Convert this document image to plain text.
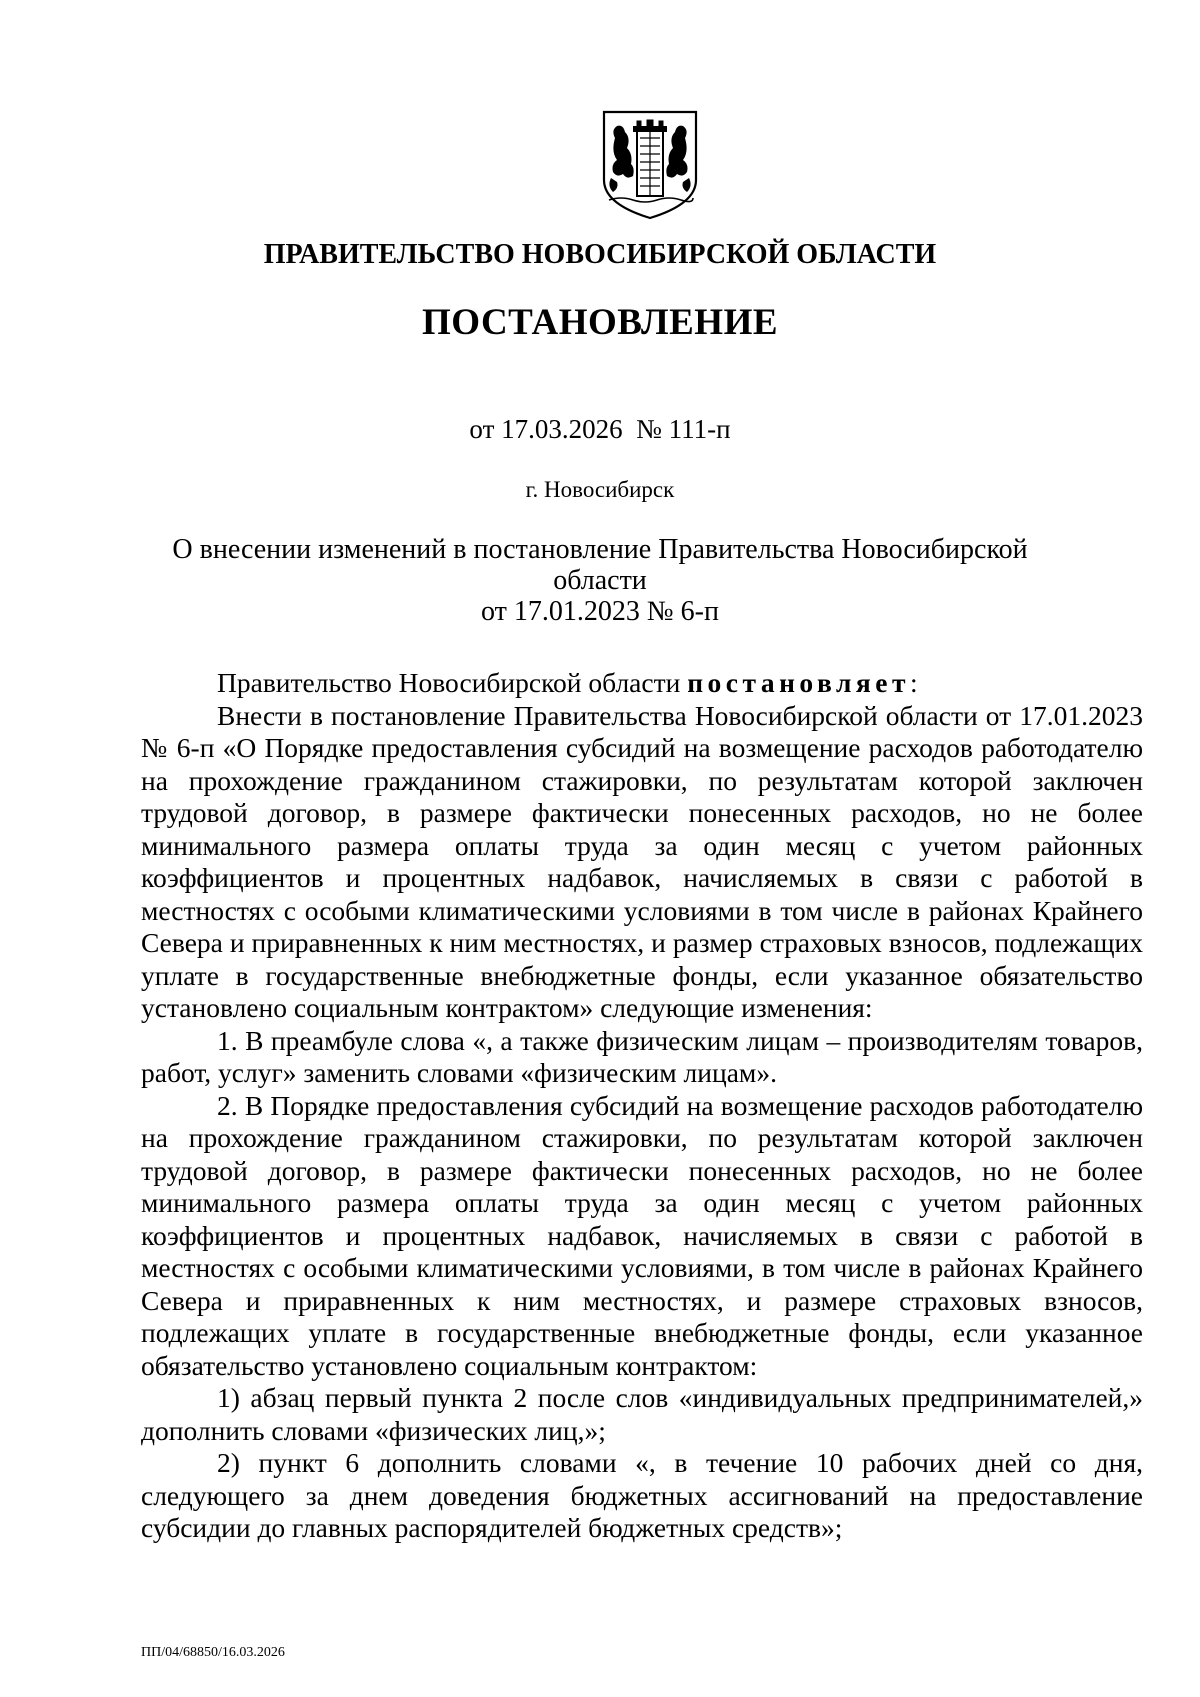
ПРАВИТЕЛЬСТВО НОВОСИБИРСКОЙ ОБЛАСТИ
ПОСТАНОВЛЕНИЕ
от 17.03.2026  № 111-п
г. Новосибирск
О внесении изменений в постановление Правительства Новосибирской области
от 17.01.2023 № 6-п

Правительство Новосибирской области постановляет:

Внести в постановление Правительства Новосибирской области от 17.01.2023 № 6-п «О Порядке предоставления субсидий на возмещение расходов работодателю на прохождение гражданином стажировки, по результатам которой заключен трудовой договор, в размере фактически понесенных расходов, но не более минимального размера оплаты труда за один месяц с учетом районных коэффициентов и процентных надбавок, начисляемых в связи с работой в местностях с особыми климатическими условиями в том числе в районах Крайнего Севера и приравненных к ним местностях, и размер страховых взносов, подлежащих уплате в государственные внебюджетные фонды, если указанное обязательство установлено социальным контрактом» следующие изменения:

1. В преамбуле слова «, а также физическим лицам – производителям товаров, работ, услуг» заменить словами «физическим лицам».

2. В Порядке предоставления субсидий на возмещение расходов работодателю на прохождение гражданином стажировки, по результатам которой заключен трудовой договор, в размере фактически понесенных расходов, но не более минимального размера оплаты труда за один месяц с учетом районных коэффициентов и процентных надбавок, начисляемых в связи с работой в местностях с особыми климатическими условиями, в том числе в районах Крайнего Севера и приравненных к ним местностях, и размере страховых взносов, подлежащих уплате в государственные внебюджетные фонды, если указанное обязательство установлено социальным контрактом:

1) абзац первый пункта 2 после слов «индивидуальных предпринимателей,» дополнить словами «физических лиц,»;

2) пункт 6 дополнить словами «, в течение 10 рабочих дней со дня, следующего за днем доведения бюджетных ассигнований на предоставление субсидии до главных распорядителей бюджетных средств»;

ПП/04/68850/16.03.2026
